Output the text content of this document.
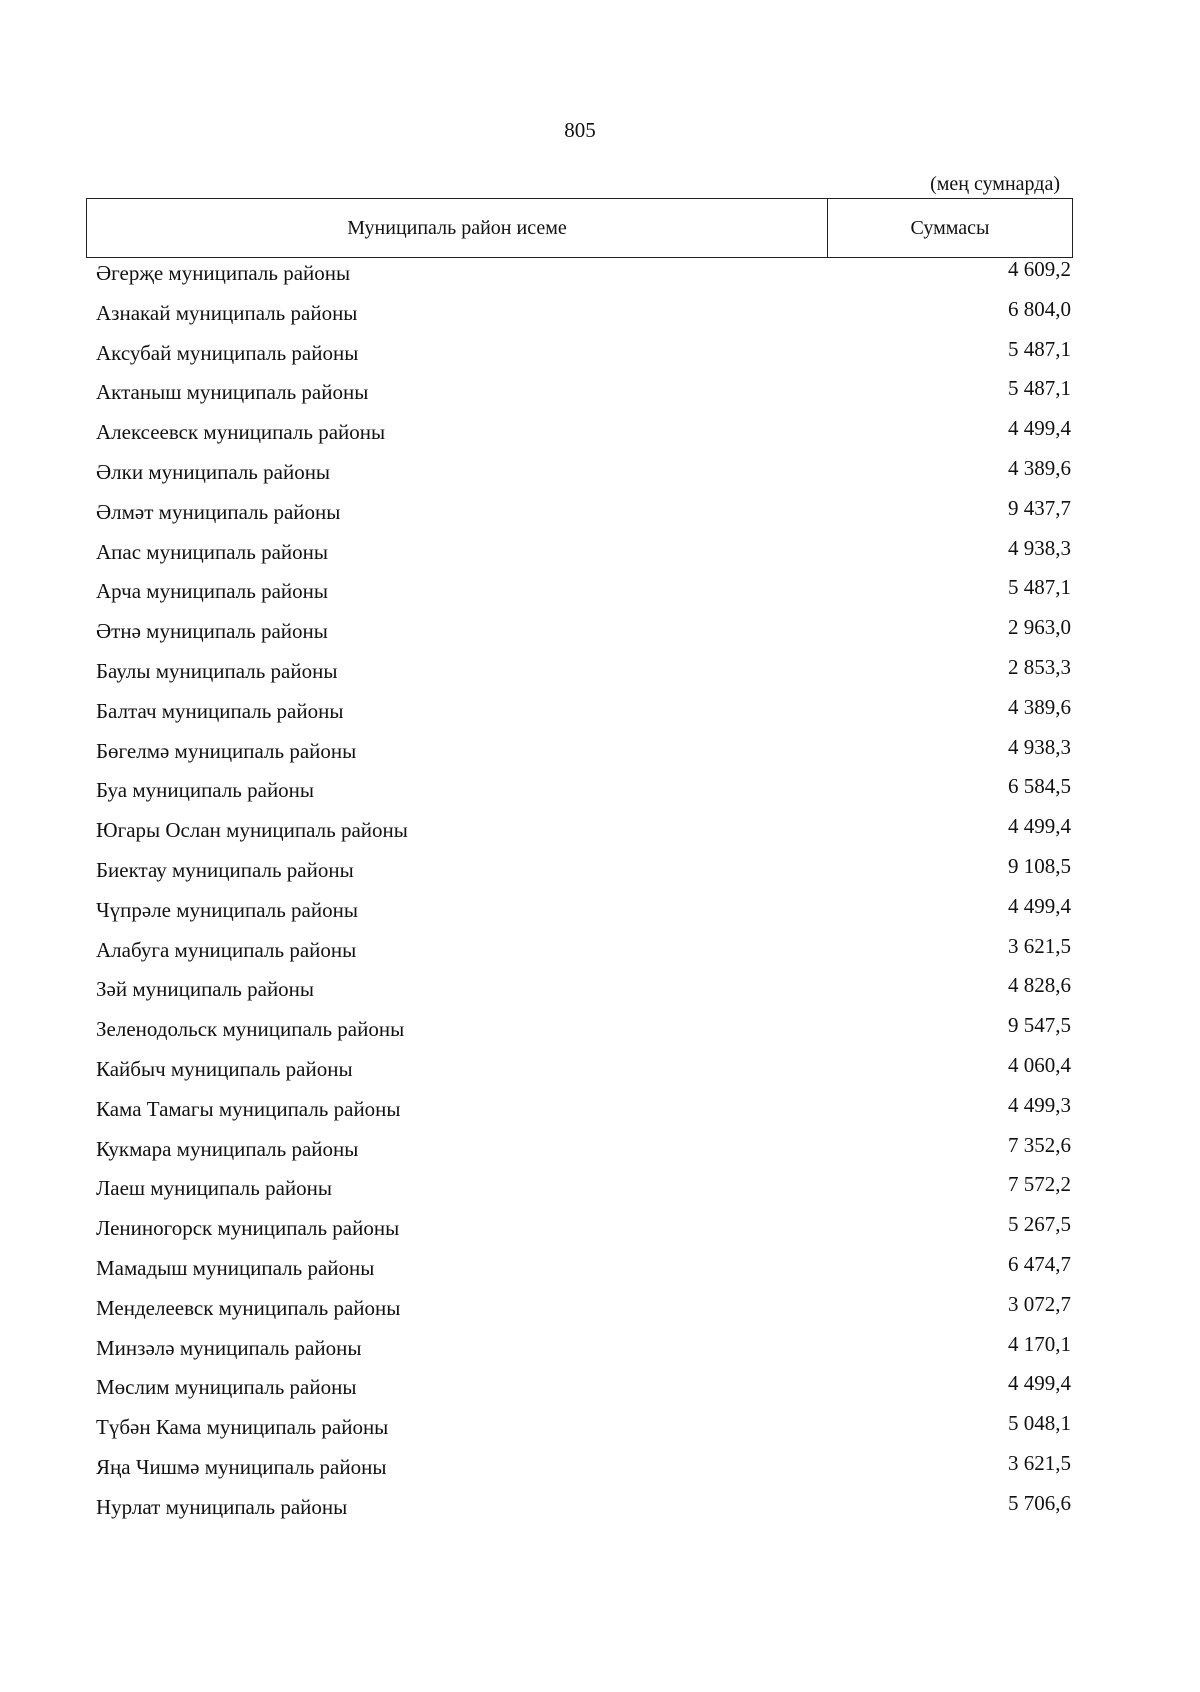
805
(мең сумнарда)
Муниципаль район исеме	Суммасы
Әгерҗе муниципаль районы	4 609,2
Азнакай муниципаль районы	6 804,0
Аксубай муниципаль районы	5 487,1
Актаныш муниципаль районы	5 487,1
Алексеевск муниципаль районы	4 499,4
Әлки муниципаль районы	4 389,6
Әлмәт муниципаль районы	9 437,7
Апас муниципаль районы	4 938,3
Арча муниципаль районы	5 487,1
Әтнә муниципаль районы	2 963,0
Баулы муниципаль районы	2 853,3
Балтач муниципаль районы	4 389,6
Бөгелмә муниципаль районы	4 938,3
Буа муниципаль районы	6 584,5
Югары Ослан муниципаль районы	4 499,4
Биектау муниципаль районы	9 108,5
Чүпрәле муниципаль районы	4 499,4
Алабуга муниципаль районы	3 621,5
Зәй муниципаль районы	4 828,6
Зеленодольск муниципаль районы	9 547,5
Кайбыч муниципаль районы	4 060,4
Кама Тамагы муниципаль районы	4 499,3
Кукмара муниципаль районы	7 352,6
Лаеш муниципаль районы	7 572,2
Лениногорск муниципаль районы	5 267,5
Мамадыш муниципаль районы	6 474,7
Менделеевск муниципаль районы	3 072,7
Минзәлә муниципаль районы	4 170,1
Мөслим муниципаль районы	4 499,4
Түбән Кама муниципаль районы	5 048,1
Яңа Чишмә муниципаль районы	3 621,5
Нурлат муниципаль районы	5 706,6
